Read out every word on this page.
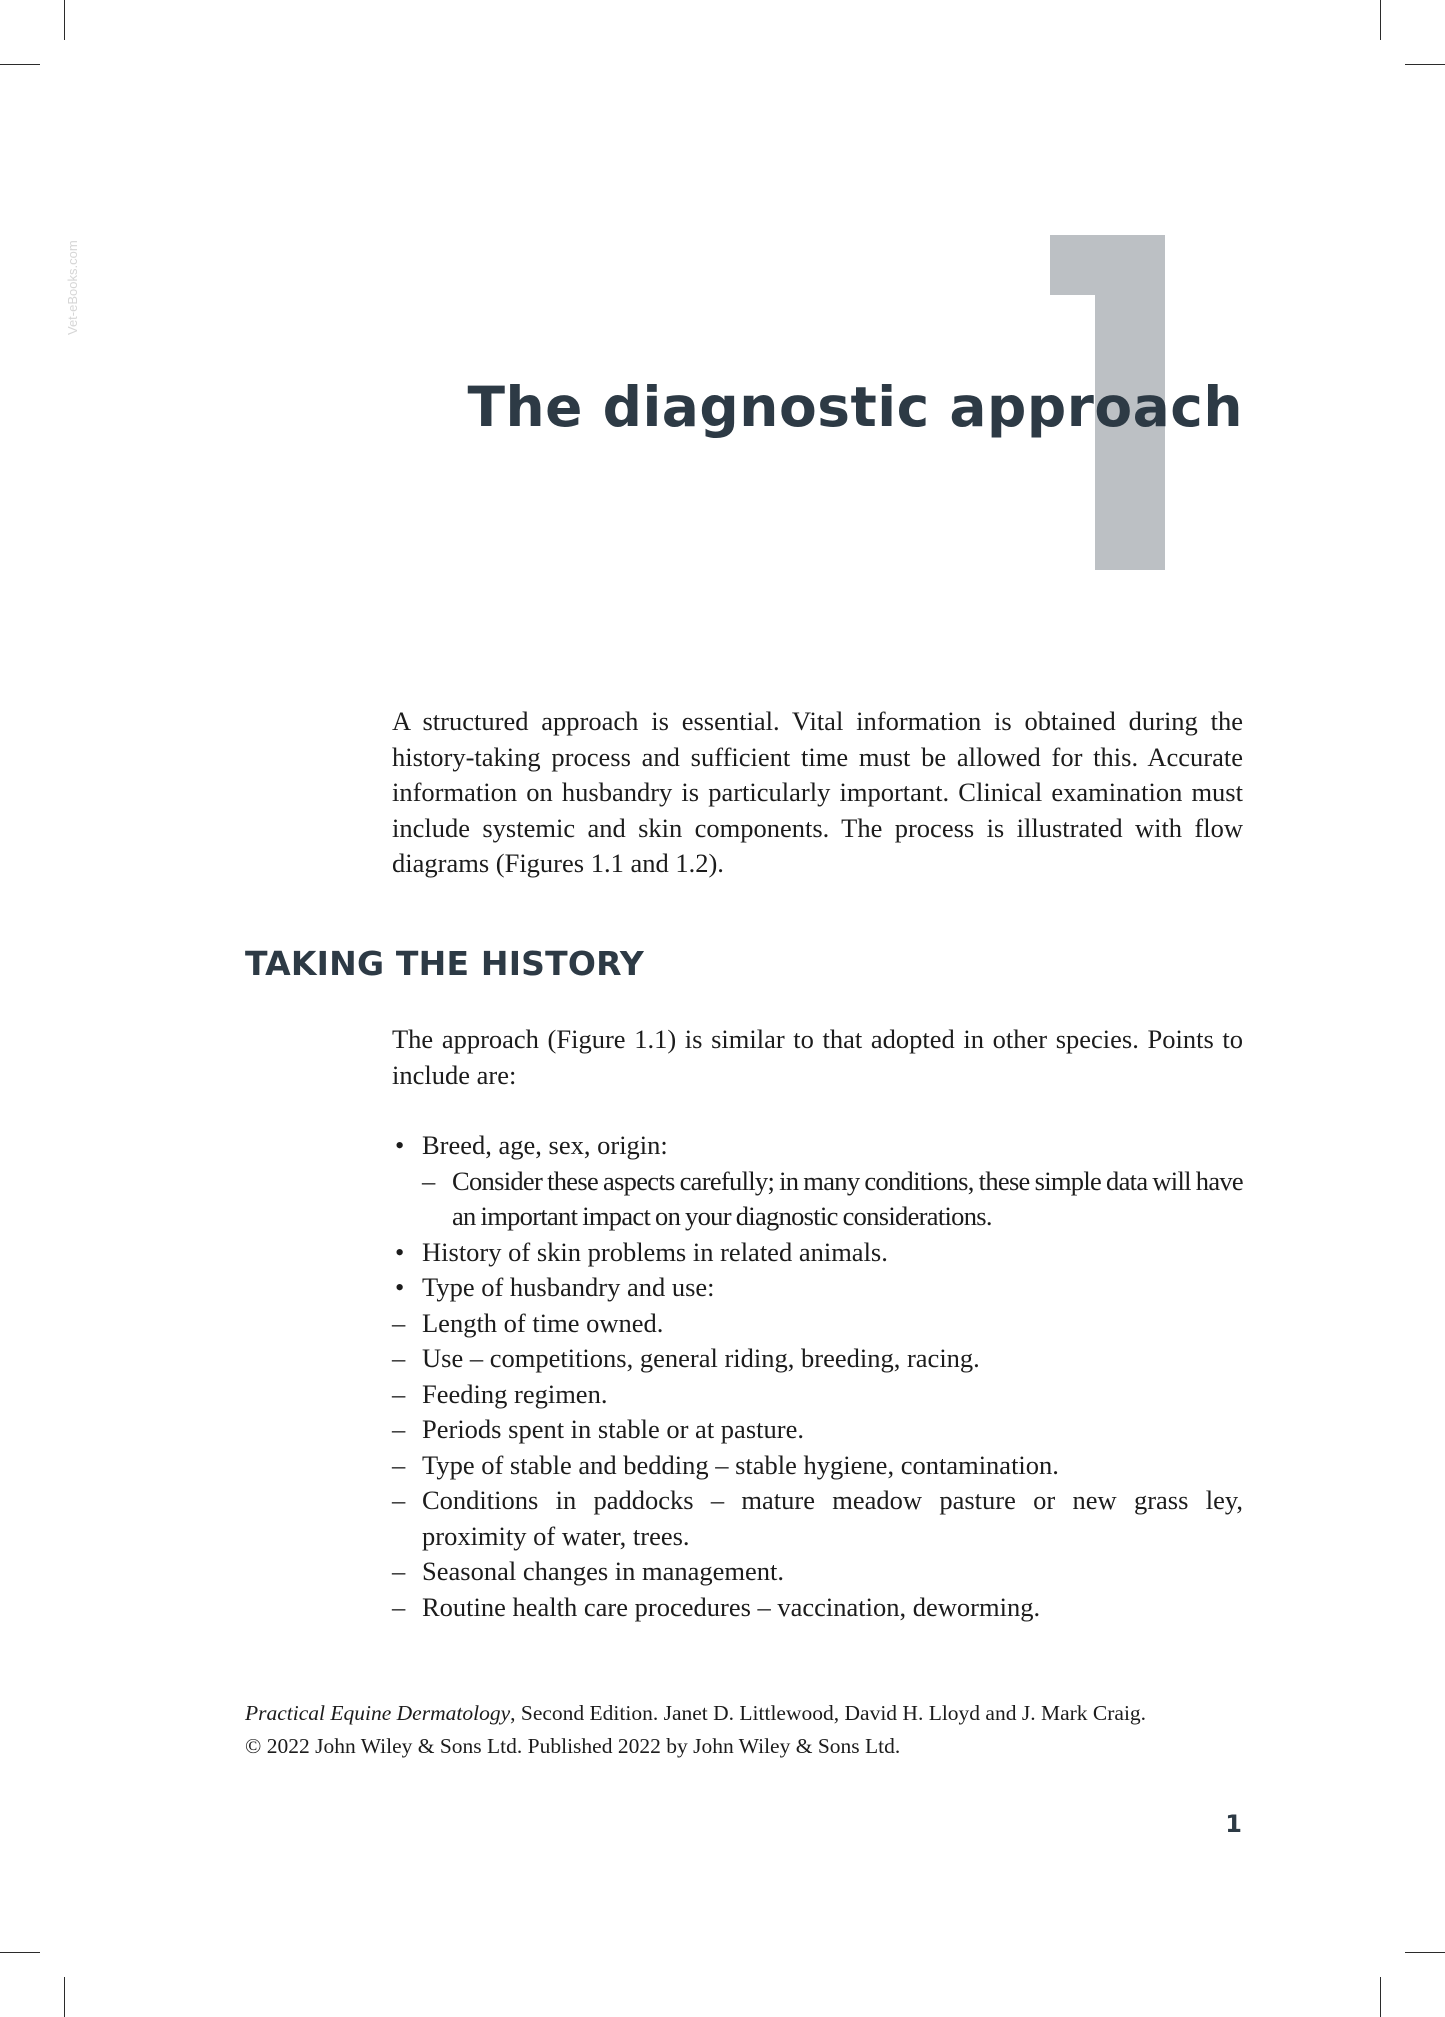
Vet-eBooks.com
The diagnostic approach

A structured approach is essential. Vital information is obtained during the history-taking process and sufficient time must be allowed for this. Accurate information on husbandry is particularly important. Clinical examination must include systemic and skin components. The process is illustrated with flow diagrams (Figures 1.1 and 1.2).

TAKING THE HISTORY

The approach (Figure 1.1) is similar to that adopted in other species. Points to include are:

• Breed, age, sex, origin:
– Consider these aspects carefully; in many conditions, these simple data will have an important impact on your diagnostic considerations.
• History of skin problems in related animals.
• Type of husbandry and use:
– Length of time owned.
– Use – competitions, general riding, breeding, racing.
– Feeding regimen.
– Periods spent in stable or at pasture.
– Type of stable and bedding – stable hygiene, contamination.
– Conditions in paddocks – mature meadow pasture or new grass ley, proximity of water, trees.
– Seasonal changes in management.
– Routine health care procedures – vaccination, deworming.
Practical Equine Dermatology, Second Edition. Janet D. Littlewood, David H. Lloyd and J. Mark Craig.
© 2022 John Wiley & Sons Ltd. Published 2022 by John Wiley & Sons Ltd.
1
